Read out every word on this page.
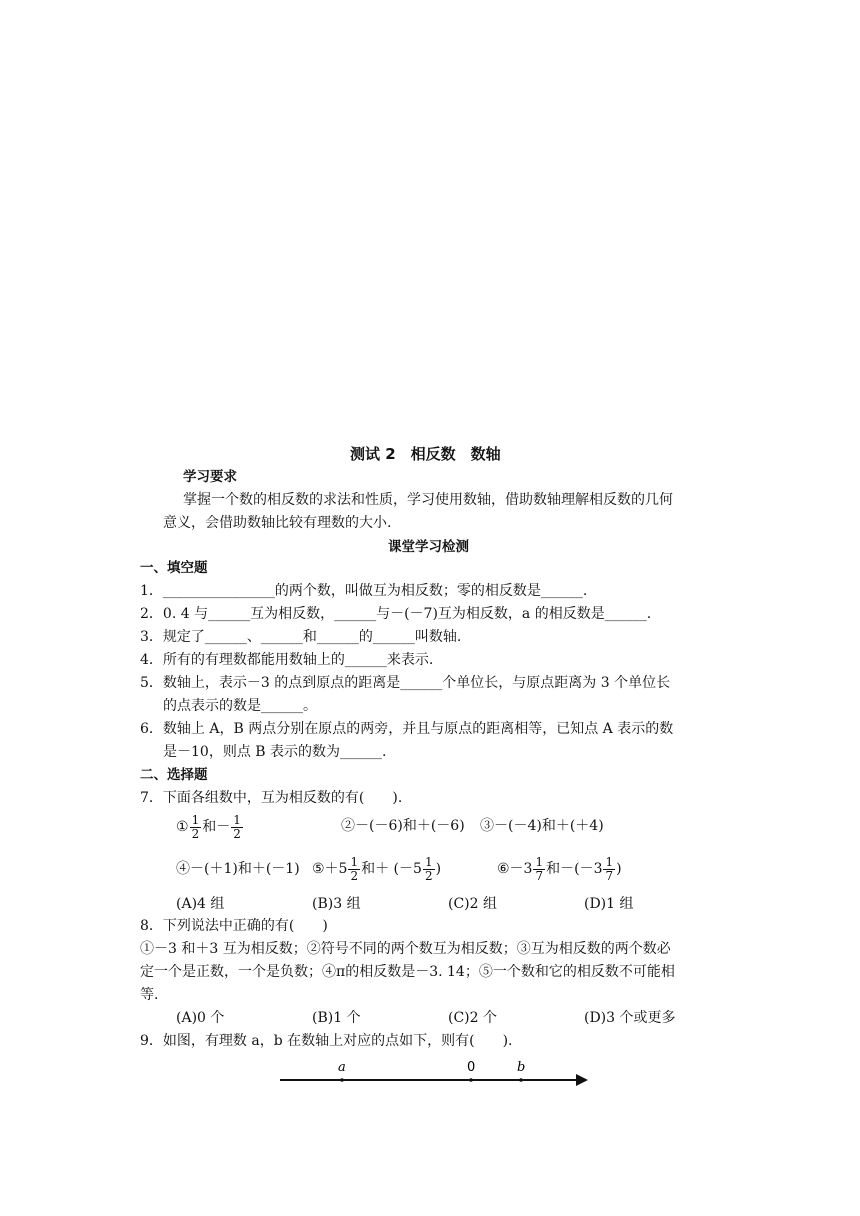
测试 2　相反数　数轴
学习要求
掌握一个数的相反数的求法和性质，学习使用数轴，借助数轴理解相反数的几何
意义，会借助数轴比较有理数的大小.
课堂学习检测
一、填空题
1．________________的两个数，叫做互为相反数；零的相反数是______.
2．0. 4 与______互为相反数，______与－(－7)互为相反数，a 的相反数是______.
3．规定了______、______和______的______叫数轴.
4．所有的有理数都能用数轴上的______来表示.
5．数轴上，表示－3 的点到原点的距离是______个单位长，与原点距离为 3 个单位长
的点表示的数是______。
6．数轴上 A，B 两点分别在原点的两旁，并且与原点的距离相等，已知点 A 表示的数
是－10，则点 B 表示的数为______.
二、选择题
7．下面各组数中，互为相反数的有(　　).
① $\frac{1}{2}$ 和－ $\frac{1}{2}$	②－(－6)和＋(－6) ③－(－4)和＋(＋4)
④－(＋1)和＋(－1) ⑤＋5 $\frac{1}{2}$ 和＋ ($-5 \frac{1}{2}$ )	⑥－3 $\frac{1}{7}$ 和$-(-3 \frac{1}{7}$ )
(A)4 组	(B)3 组	(C)2 组	(D)1 组
8．下列说法中正确的有(　　)
①－3 和＋3 互为相反数；②符号不同的两个数互为相反数；③互为相反数的两个数必
定一个是正数，一个是负数；④π的相反数是－3. 14；⑤一个数和它的相反数不可能相
等.
(A)0 个	(B)1 个	(C)2 个	(D)3 个或更多
9．如图，有理数 a，b 在数轴上对应的点如下，则有(　　).
a	0	b
